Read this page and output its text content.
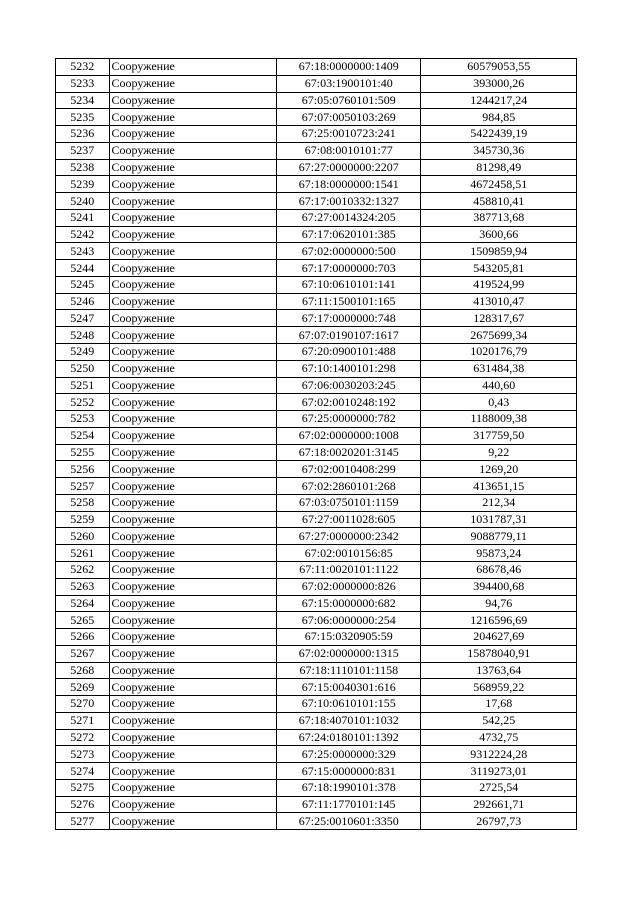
5232	Сооружение	67:18:0000000:1409	60579053,55
5233	Сооружение	67:03:1900101:40	393000,26
5234	Сооружение	67:05:0760101:509	1244217,24
5235	Сооружение	67:07:0050103:269	984,85
5236	Сооружение	67:25:0010723:241	5422439,19
5237	Сооружение	67:08:0010101:77	345730,36
5238	Сооружение	67:27:0000000:2207	81298,49
5239	Сооружение	67:18:0000000:1541	4672458,51
5240	Сооружение	67:17:0010332:1327	458810,41
5241	Сооружение	67:27:0014324:205	387713,68
5242	Сооружение	67:17:0620101:385	3600,66
5243	Сооружение	67:02:0000000:500	1509859,94
5244	Сооружение	67:17:0000000:703	543205,81
5245	Сооружение	67:10:0610101:141	419524,99
5246	Сооружение	67:11:1500101:165	413010,47
5247	Сооружение	67:17:0000000:748	128317,67
5248	Сооружение	67:07:0190107:1617	2675699,34
5249	Сооружение	67:20:0900101:488	1020176,79
5250	Сооружение	67:10:1400101:298	631484,38
5251	Сооружение	67:06:0030203:245	440,60
5252	Сооружение	67:02:0010248:192	0,43
5253	Сооружение	67:25:0000000:782	1188009,38
5254	Сооружение	67:02:0000000:1008	317759,50
5255	Сооружение	67:18:0020201:3145	9,22
5256	Сооружение	67:02:0010408:299	1269,20
5257	Сооружение	67:02:2860101:268	413651,15
5258	Сооружение	67:03:0750101:1159	212,34
5259	Сооружение	67:27:0011028:605	1031787,31
5260	Сооружение	67:27:0000000:2342	9088779,11
5261	Сооружение	67:02:0010156:85	95873,24
5262	Сооружение	67:11:0020101:1122	68678,46
5263	Сооружение	67:02:0000000:826	394400,68
5264	Сооружение	67:15:0000000:682	94,76
5265	Сооружение	67:06:0000000:254	1216596,69
5266	Сооружение	67:15:0320905:59	204627,69
5267	Сооружение	67:02:0000000:1315	15878040,91
5268	Сооружение	67:18:1110101:1158	13763,64
5269	Сооружение	67:15:0040301:616	568959,22
5270	Сооружение	67:10:0610101:155	17,68
5271	Сооружение	67:18:4070101:1032	542,25
5272	Сооружение	67:24:0180101:1392	4732,75
5273	Сооружение	67:25:0000000:329	9312224,28
5274	Сооружение	67:15:0000000:831	3119273,01
5275	Сооружение	67:18:1990101:378	2725,54
5276	Сооружение	67:11:1770101:145	292661,71
5277	Сооружение	67:25:0010601:3350	26797,73
